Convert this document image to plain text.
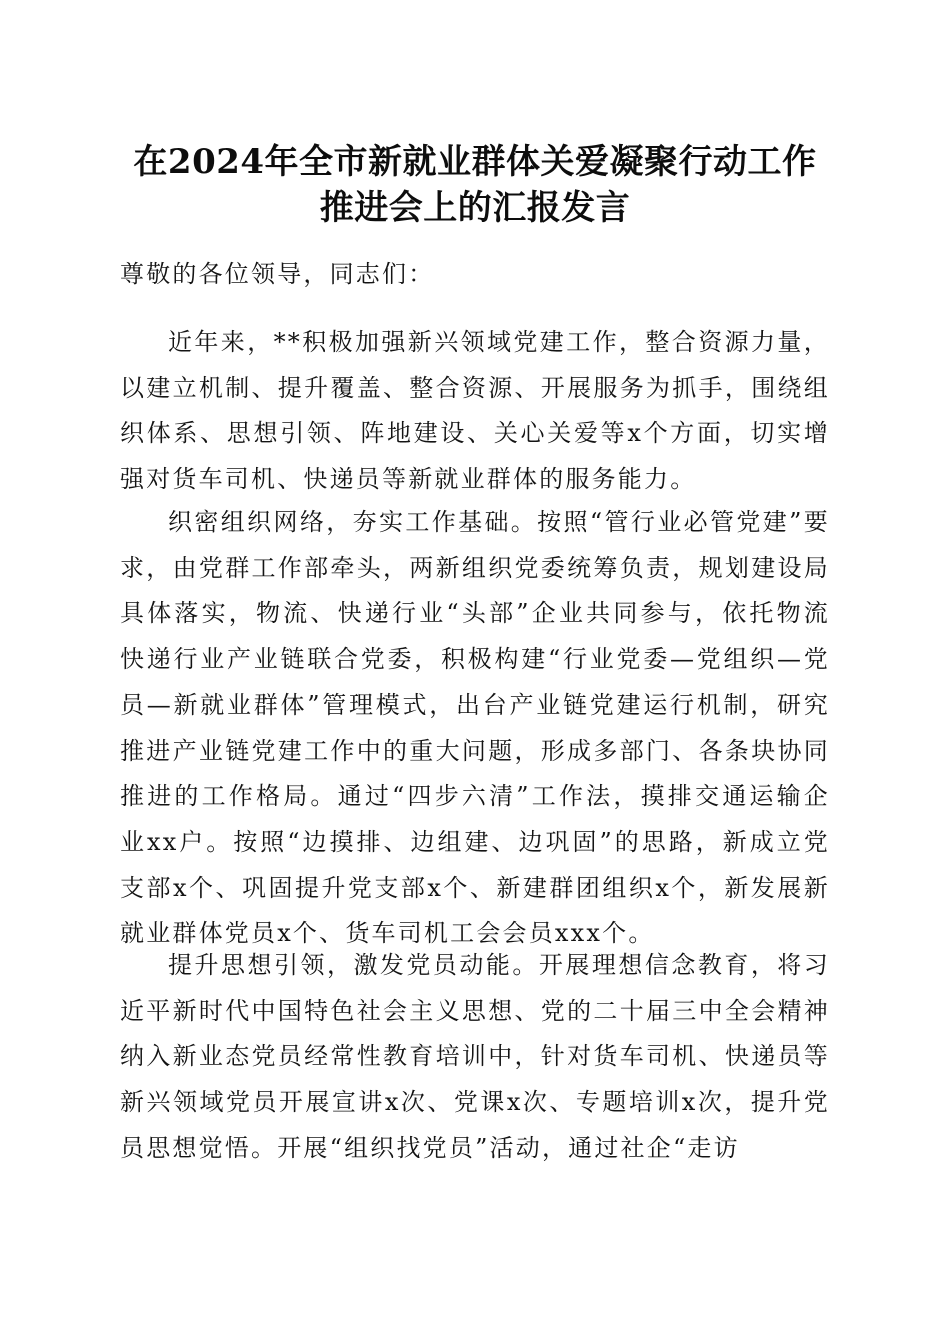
在2024年全市新就业群体关爱凝聚行动工作
推进会上的汇报发言
尊敬的各位领导，同志们：

近年来，**积极加强新兴领域党建工作，整合资源力量，以建立机制、提升覆盖、整合资源、开展服务为抓手，围绕组织体系、思想引领、阵地建设、关心关爱等x个方面，切实增强对货车司机、快递员等新就业群体的服务能力。

织密组织网络，夯实工作基础。按照“管行业必管党建”要求，由党群工作部牵头，两新组织党委统筹负责，规划建设局具体落实，物流、快递行业“头部”企业共同参与，依托物流快递行业产业链联合党委，积极构建“行业党委—党组织—党员—新就业群体”管理模式，出台产业链党建运行机制，研究推进产业链党建工作中的重大问题，形成多部门、各条块协同推进的工作格局。通过“四步六清”工作法，摸排交通运输企业xx户。按照“边摸排、边组建、边巩固”的思路，新成立党支部x个、巩固提升党支部x个、新建群团组织x个，新发展新就业群体党员x个、货车司机工会会员xxx个。

提升思想引领，激发党员动能。开展理想信念教育，将习近平新时代中国特色社会主义思想、党的二十届三中全会精神纳入新业态党员经常性教育培训中，针对货车司机、快递员等新兴领域党员开展宣讲x次、党课x次、专题培训x次，提升党员思想觉悟。开展“组织找党员”活动，通过社企“走访
